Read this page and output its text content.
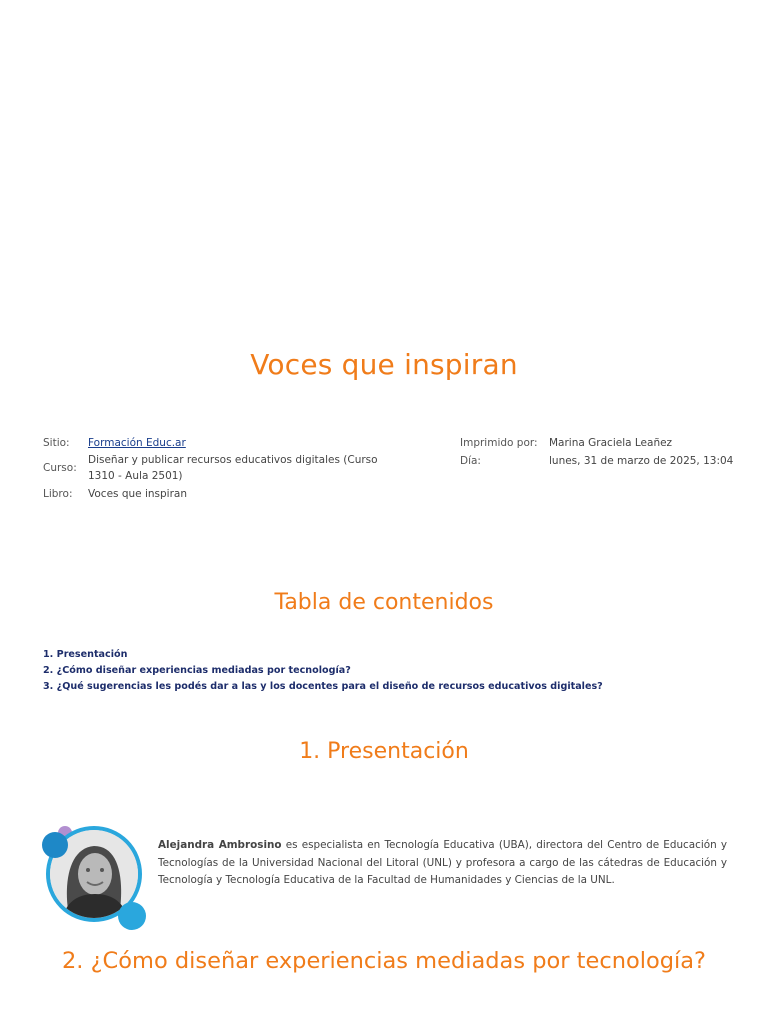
Voces que inspiran
Sitio: Formación Educ.ar
Curso:
Diseñar y publicar recursos educativos digitales (Curso
1310 - Aula 2501)
Libro: Voces que inspiran
Imprimido por: Marina Graciela Leañez
Día:	lunes, 31 de marzo de 2025, 13:04
Tabla de contenidos
1. Presentación
2. ¿Cómo diseñar experiencias mediadas por tecnología?
3. ¿Qué sugerencias les podés dar a las y los docentes para el diseño de recursos educativos digitales?
1. Presentación

Alejandra Ambrosino es especialista en Tecnología Educativa (UBA), directora del Centro de Educación y Tecnologías de la Universidad Nacional del Litoral (UNL) y profesora a cargo de las cátedras de Educación y Tecnología y Tecnología Educativa de la Facultad de Humanidades y Ciencias de la UNL.

2. ¿Cómo diseñar experiencias mediadas por tecnología?
